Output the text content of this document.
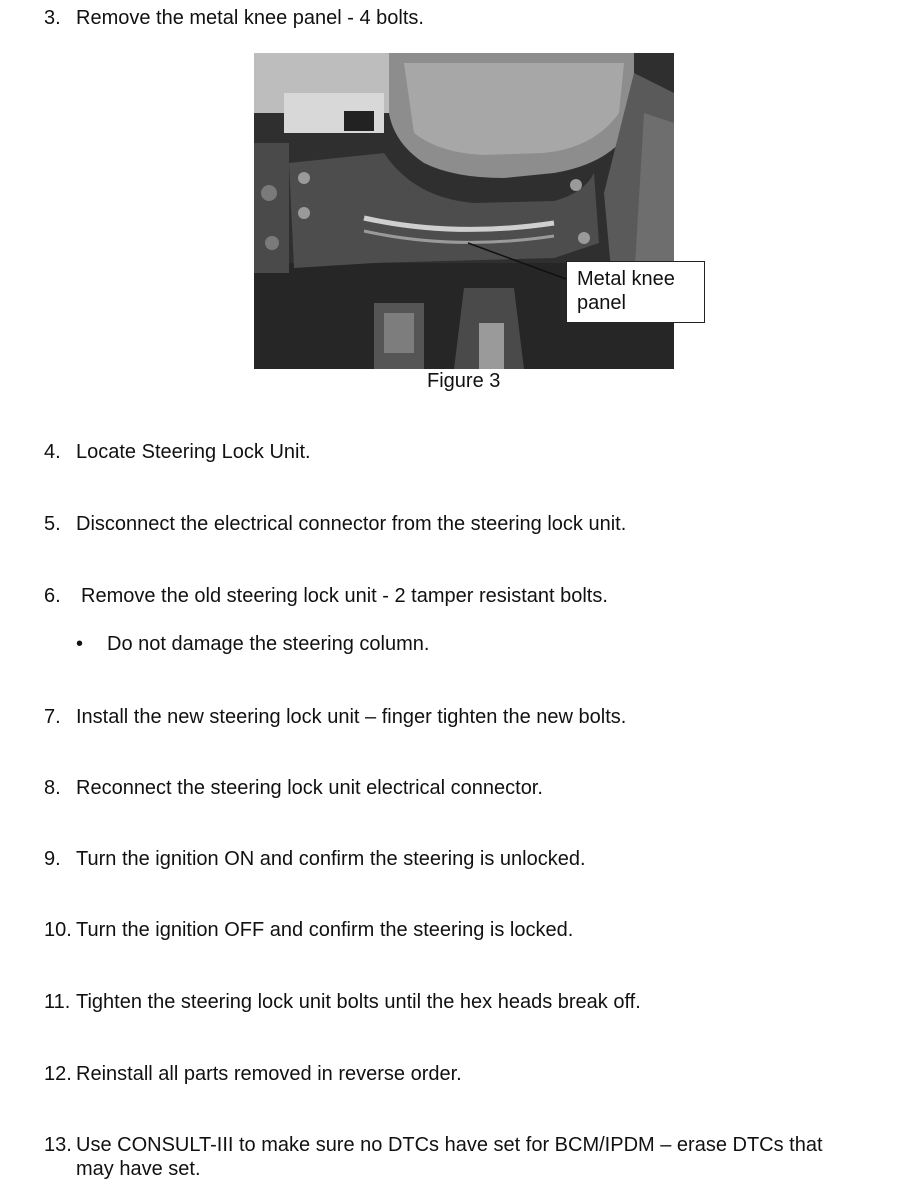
3. Remove the metal knee panel - 4 bolts.
Metal knee
panel
Figure 3
4. Locate Steering Lock Unit.
5. Disconnect the electrical connector from the steering lock unit.
6. Remove the old steering lock unit - 2 tamper resistant bolts.
• Do not damage the steering column.
7. Install the new steering lock unit – finger tighten the new bolts.
8. Reconnect the steering lock unit electrical connector.
9. Turn the ignition ON and confirm the steering is unlocked.
10. Turn the ignition OFF and confirm the steering is locked.
11. Tighten the steering lock unit bolts until the hex heads break off.
12. Reinstall all parts removed in reverse order.
13. Use CONSULT-III to make sure no DTCs have set for BCM/IPDM – erase DTCs that
may have set.
